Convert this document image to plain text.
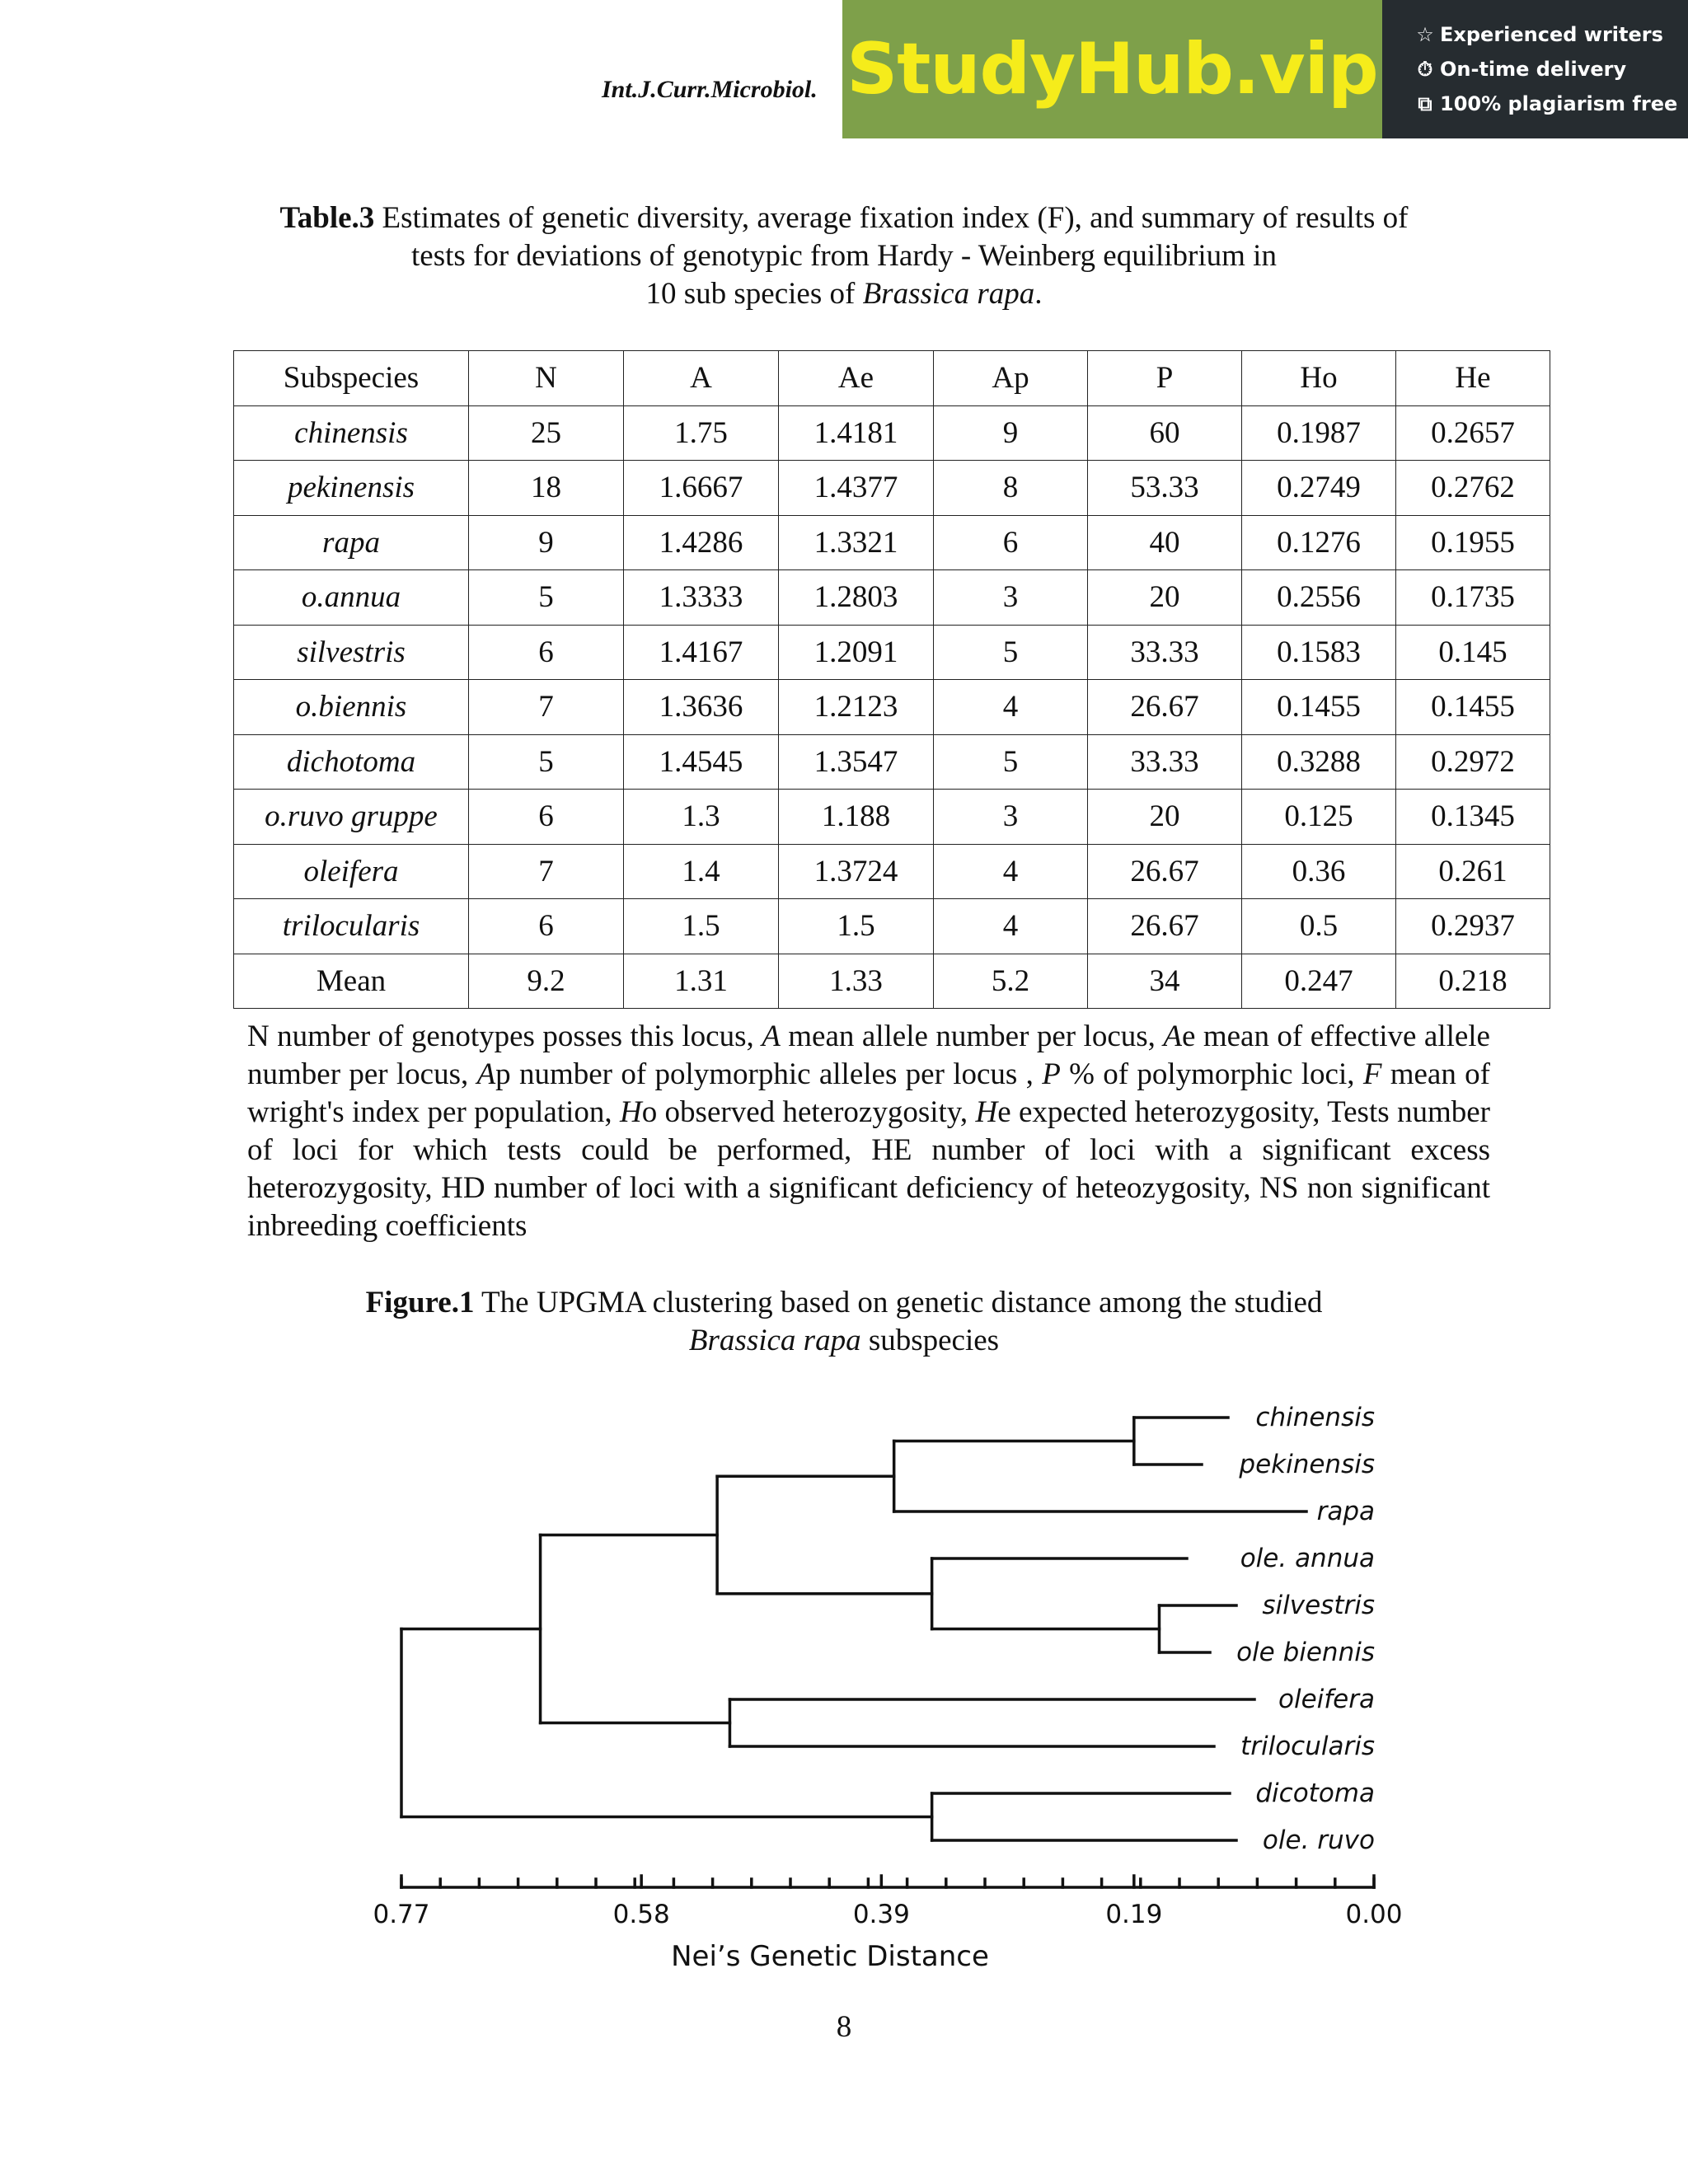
Int.J.Curr.Microbiol. StudyHub.vip ☆ Experienced writers
⏱ On-time delivery
⧉ 100% plagiarism free
Table.3 Estimates of genetic diversity, average fixation index (F), and summary of results of
tests for deviations of genotypic from Hardy - Weinberg equilibrium in
10 sub species of Brassica rapa.
Subspecies	N	A	Ae	Ap	P	Ho	He
chinensis	25	1.75	1.4181	9	60	0.1987	0.2657
pekinensis	18	1.6667	1.4377	8	53.33	0.2749	0.2762
rapa	9	1.4286	1.3321	6	40	0.1276	0.1955
o.annua	5	1.3333	1.2803	3	20	0.2556	0.1735
silvestris	6	1.4167	1.2091	5	33.33	0.1583	0.145
o.biennis	7	1.3636	1.2123	4	26.67	0.1455	0.1455
dichotoma	5	1.4545	1.3547	5	33.33	0.3288	0.2972
o.ruvo gruppe	6	1.3	1.188	3	20	0.125	0.1345
oleifera	7	1.4	1.3724	4	26.67	0.36	0.261
trilocularis	6	1.5	1.5	4	26.67	0.5	0.2937
Mean	9.2	1.31	1.33	5.2	34	0.247	0.218
N number of genotypes posses this locus, A mean allele number per locus, Ae mean of effective allele number per locus, Ap number of polymorphic alleles per locus , P % of polymorphic loci, F mean of wright's index per population, Ho observed heterozygosity, He expected heterozygosity, Tests number of loci for which tests could be performed, HE number of loci with a significant excess heterozygosity, HD number of loci with a significant deficiency of heteozygosity, NS non significant inbreeding coefficients
Figure.1 The UPGMA clustering based on genetic distance among the studied
Brassica rapa subspecies
chinensis
pekinensis
rapa
ole. annua
silvestris
ole biennis
oleifera
trilocularis
dicotoma
ole. ruvo
0.77	0.58	0.39	0.19	0.00
Nei’s Genetic Distance
8
